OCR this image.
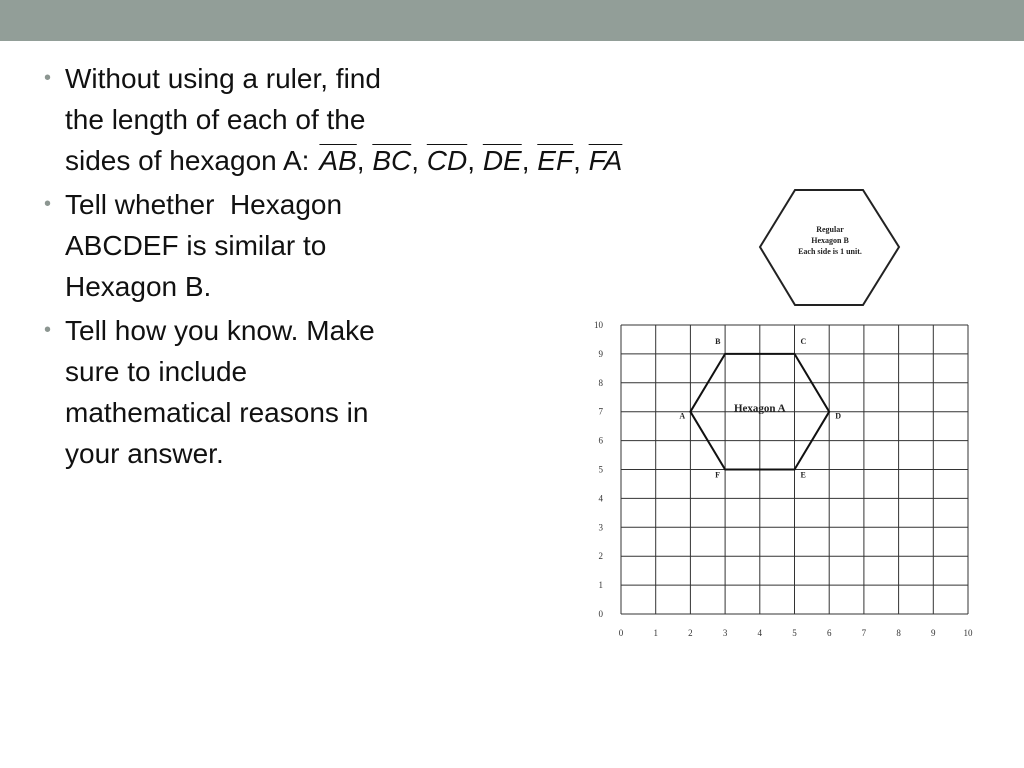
• Without using a ruler, find
the length of each of the
sides of hexagon A: $\overline{AB}$, $\overline{BC}$, $\overline{CD}$, $\overline{DE}$, $\overline{EF}$, $\overline{FA}$
• Tell whether  Hexagon
ABCDEF is similar to
Hexagon B.
• Tell how you know. Make
sure to include
mathematical reasons in
your answer.
Regular
Hexagon B
Each side is 1 unit.
0	1	2	3	4	5	6	7	8	9	10
0
1
2
3
4
5
6
7
8
9
10
A
B	C
D
E
F
Hexagon A
